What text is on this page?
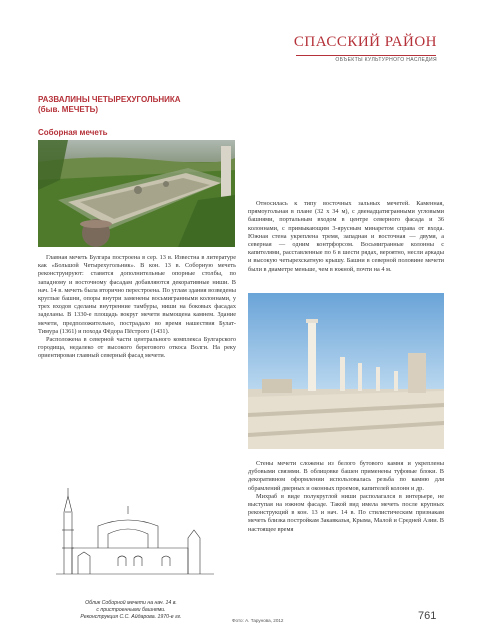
СПАССКИЙ РАЙОН
ОБЪЕКТЫ КУЛЬТУРНОГО НАСЛЕДИЯ
РАЗВАЛИНЫ ЧЕТЫРЕХУГОЛЬНИКА
(быв. МЕЧЕТЬ)
Соборная мечеть

Главная мечеть Булгара построена в сер. 13 в. Известна в литературе как «Большой Четырехугольник». В кон. 13 в. Соборную мечеть реконструируют: ставятся дополнительные опорные столбы, по западному и восточному фасадам добавляются декоративные ниши. В нач. 14 в. мечеть была вторично перестроена. По углам здания возведены круглые башни, опоры внутри заменены восьмигранными колоннами, у трех входов сделаны внутренние тамбуры, ниши на боковых фасадах заделаны. В 1330-е площадь вокруг мечети вымощена камнем. Здание мечети, предположительно, пострадало во время нашествия Булат-Тимура (1361) и похода Фёдора Пёстрого (1431).

Расположена в северной части центрального комплекса Булгарского городища, недалеко от высокого берегового откоса Волги. На реку ориентирован главный северный фасад мечети.

Облик Соборной мечети на нач. 14 в.
с пристроенными башнями.
Реконструкция С.С. Айдарова. 1970-е гг.

Относилась к типу восточных зальных мечетей. Каменная, прямоугольная в плане (32 x 34 м), с двенадцатигранными угловыми башнями, портальным входом в центре северного фасада и 36 колоннами, с примыкающим 3-ярусным минаретом справа от входа. Южная стена укреплена тремя, западная и восточная — двумя, а северная — одним контрфорсом. Восьмигранные колонны с капителями, расставленные по 6 в шести рядах, вероятно, несли аркады и высокую четырехскатную крышу. Башни в северной половине мечети были в диаметре меньше, чем в южной, почти на 4 м.

Стены мечети сложены из белого бутового камня и укреплены дубовыми связями. В облицовке башен применены туфовые блоки. В декоративном оформлении использовалась резьба по камню для обрамлений дверных и оконных проемов, капителей колонн и др.

Михраб в виде полукруглой ниши располагался в интерьере, не выступая на южном фасаде. Такой вид имела мечеть после крупных реконструкций в кон. 13 и нач. 14 в. По стилистическим признакам мечеть близка постройкам Закавказья, Крыма, Малой и Средней Азии. В настоящее время

Фото: А. Тарунова, 2012	761
